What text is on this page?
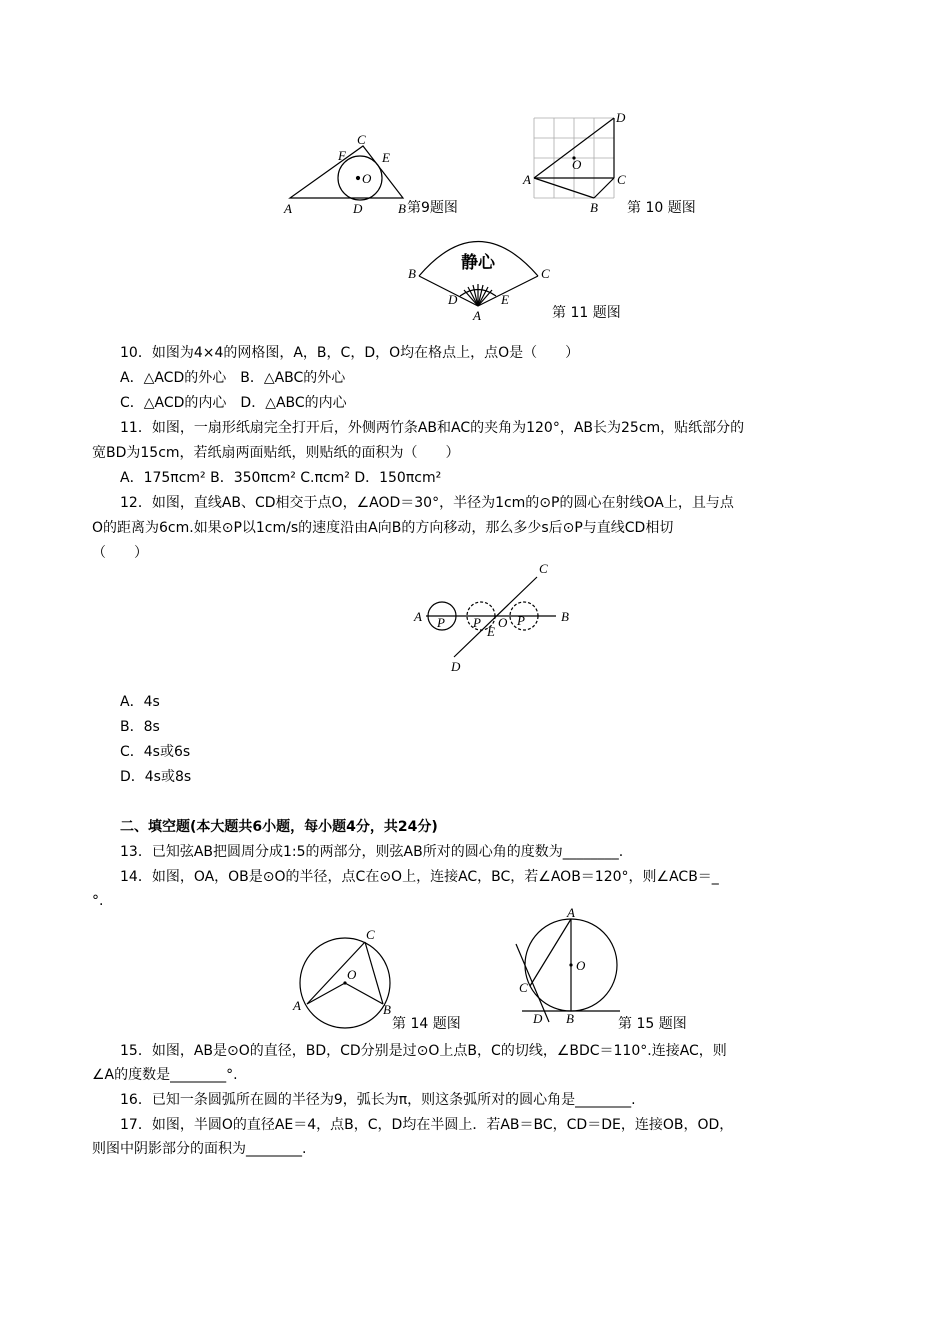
A	D	B
C
F	E
O
第9题图
A	C
B
D
O
第 10 题图
静心
B	C
D	E
A	第 11 题图
A	B
C
D
E
O
P P	P
A	B
C
O
第 14 题图
A
B
C
D
O
第 15 题图
10．如图为4×4的网格图，A，B，C，D，O均在格点上，点O是（　　）
A．△ACD的外心　B．△ABC的外心
C．△ACD的内心　D．△ABC的内心
11．如图，一扇形纸扇完全打开后，外侧两竹条AB和AC的夹角为120°，AB长为25cm，贴纸部分的
宽BD为15cm，若纸扇两面贴纸，则贴纸的面积为（　　）
A．175πcm² B．350πcm² C.πcm² D．150πcm²
12．如图，直线AB、CD相交于点O，∠AOD＝30°，半径为1cm的⊙P的圆心在射线OA上，且与点
O的距离为6cm.如果⊙P以1cm/s的速度沿由A向B的方向移动，那么多少s后⊙P与直线CD相切
（　　）
A．4s
B．8s
C．4s或6s
D．4s或8s
二、填空题(本大题共6小题，每小题4分，共24分)
13．已知弦AB把圆周分成1:5的两部分，则弦AB所对的圆心角的度数为________.
14．如图，OA，OB是⊙O的半径，点C在⊙O上，连接AC，BC，若∠AOB＝120°，则∠ACB＝_
°.
15．如图，AB是⊙O的直径，BD，CD分别是过⊙O上点B，C的切线，∠BDC＝110°.连接AC，则
∠A的度数是________°.
16．已知一条圆弧所在圆的半径为9，弧长为π，则这条弧所对的圆心角是________.
17．如图，半圆O的直径AE＝4，点B，C，D均在半圆上．若AB＝BC，CD＝DE，连接OB，OD，
则图中阴影部分的面积为________.
